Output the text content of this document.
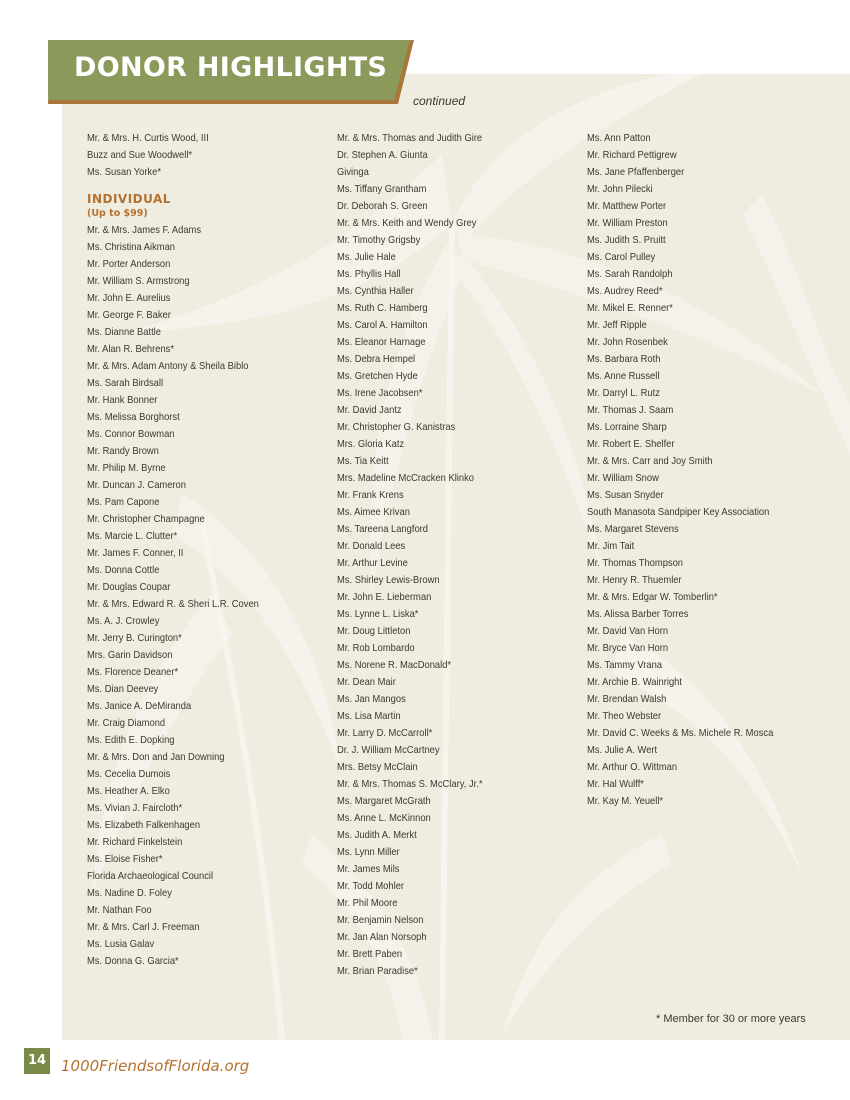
DONOR HIGHLIGHTS
continued
Mr. & Mrs. H. Curtis Wood, III
Buzz and Sue Woodwell*
Ms. Susan Yorke*
INDIVIDUAL
(Up to $99)
Mr. & Mrs. James F. Adams
Ms. Christina Aikman
Mr. Porter Anderson
Mr. William S. Armstrong
Mr. John E. Aurelius
Mr. George F. Baker
Ms. Dianne Battle
Mr. Alan R. Behrens*
Mr. & Mrs. Adam Antony & Sheila Biblo
Ms. Sarah Birdsall
Mr. Hank Bonner
Ms. Melissa Borghorst
Ms. Connor Bowman
Mr. Randy Brown
Mr. Philip M. Byrne
Mr. Duncan J. Cameron
Ms. Pam Capone
Mr. Christopher Champagne
Ms. Marcie L. Clutter*
Mr. James F. Conner, II
Ms. Donna Cottle
Mr. Douglas Coupar
Mr. & Mrs. Edward R. & Sheri L.R. Coven
Ms. A. J. Crowley
Mr. Jerry B. Curington*
Mrs. Garin Davidson
Ms. Florence Deaner*
Ms. Dian Deevey
Ms. Janice A. DeMiranda
Mr. Craig Diamond
Ms. Edith E. Dopking
Mr. & Mrs. Don and Jan Downing
Ms. Cecelia Dumois
Ms. Heather A. Elko
Ms. Vivian J. Faircloth*
Ms. Elizabeth Falkenhagen
Mr. Richard Finkelstein
Ms. Eloise Fisher*
Florida Archaeological Council
Ms. Nadine D. Foley
Mr. Nathan Foo
Mr. & Mrs. Carl J. Freeman
Ms. Lusia Galav
Ms. Donna G. Garcia*
Mr. & Mrs. Thomas and Judith Gire
Dr. Stephen A. Giunta
Givinga
Ms. Tiffany Grantham
Dr. Deborah S. Green
Mr. & Mrs. Keith and Wendy Grey
Mr. Timothy Grigsby
Ms. Julie Hale
Ms. Phyllis Hall
Ms. Cynthia Haller
Ms. Ruth C. Hamberg
Ms. Carol A. Hamilton
Ms. Eleanor Harnage
Ms. Debra Hempel
Ms. Gretchen Hyde
Ms. Irene Jacobsen*
Mr. David Jantz
Mr. Christopher G. Kanistras
Mrs. Gloria Katz
Ms. Tia Keitt
Mrs. Madeline McCracken Klinko
Mr. Frank Krens
Ms. Aimee Krivan
Ms. Tareena Langford
Mr. Donald Lees
Mr. Arthur Levine
Ms. Shirley Lewis-Brown
Mr. John E. Lieberman
Ms. Lynne L. Liska*
Mr. Doug Littleton
Mr. Rob Lombardo
Ms. Norene R. MacDonald*
Mr. Dean Mair
Ms. Jan Mangos
Ms. Lisa Martin
Mr. Larry D. McCarroll*
Dr. J. William McCartney
Mrs. Betsy McClain
Mr. & Mrs. Thomas S. McClary, Jr.*
Ms. Margaret McGrath
Ms. Anne L. McKinnon
Ms. Judith A. Merkt
Ms. Lynn Miller
Mr. James Mils
Mr. Todd Mohler
Mr. Phil Moore
Mr. Benjamin Nelson
Mr. Jan Alan Norsoph
Mr. Brett Paben
Mr. Brian Paradise*
Ms. Ann Patton
Mr. Richard Pettigrew
Ms. Jane Pfaffenberger
Mr. John Pilecki
Mr. Matthew Porter
Mr. William Preston
Ms. Judith S. Pruitt
Ms. Carol Pulley
Ms. Sarah Randolph
Ms. Audrey Reed*
Mr. Mikel E. Renner*
Mr. Jeff Ripple
Mr. John Rosenbek
Ms. Barbara Roth
Ms. Anne Russell
Mr. Darryl L. Rutz
Mr. Thomas J. Saam
Ms. Lorraine Sharp
Mr. Robert E. Shelfer
Mr. & Mrs. Carr and Joy Smith
Mr. William Snow
Ms. Susan Snyder
South Manasota Sandpiper Key Association
Ms. Margaret Stevens
Mr. Jim Tait
Mr. Thomas Thompson
Mr. Henry R. Thuemler
Mr. & Mrs. Edgar W. Tomberlin*
Ms. Alissa Barber Torres
Mr. David Van Horn
Mr. Bryce Van Horn
Ms. Tammy Vrana
Mr. Archie B. Wainright
Mr. Brendan Walsh
Mr. Theo Webster
Mr. David C. Weeks & Ms. Michele R. Mosca
Ms. Julie A. Wert
Mr. Arthur O. Wittman
Mr. Hal Wulff*
Mr. Kay M. Yeuell*
* Member for 30 or more years
14 1000FriendsofFlorida.org
